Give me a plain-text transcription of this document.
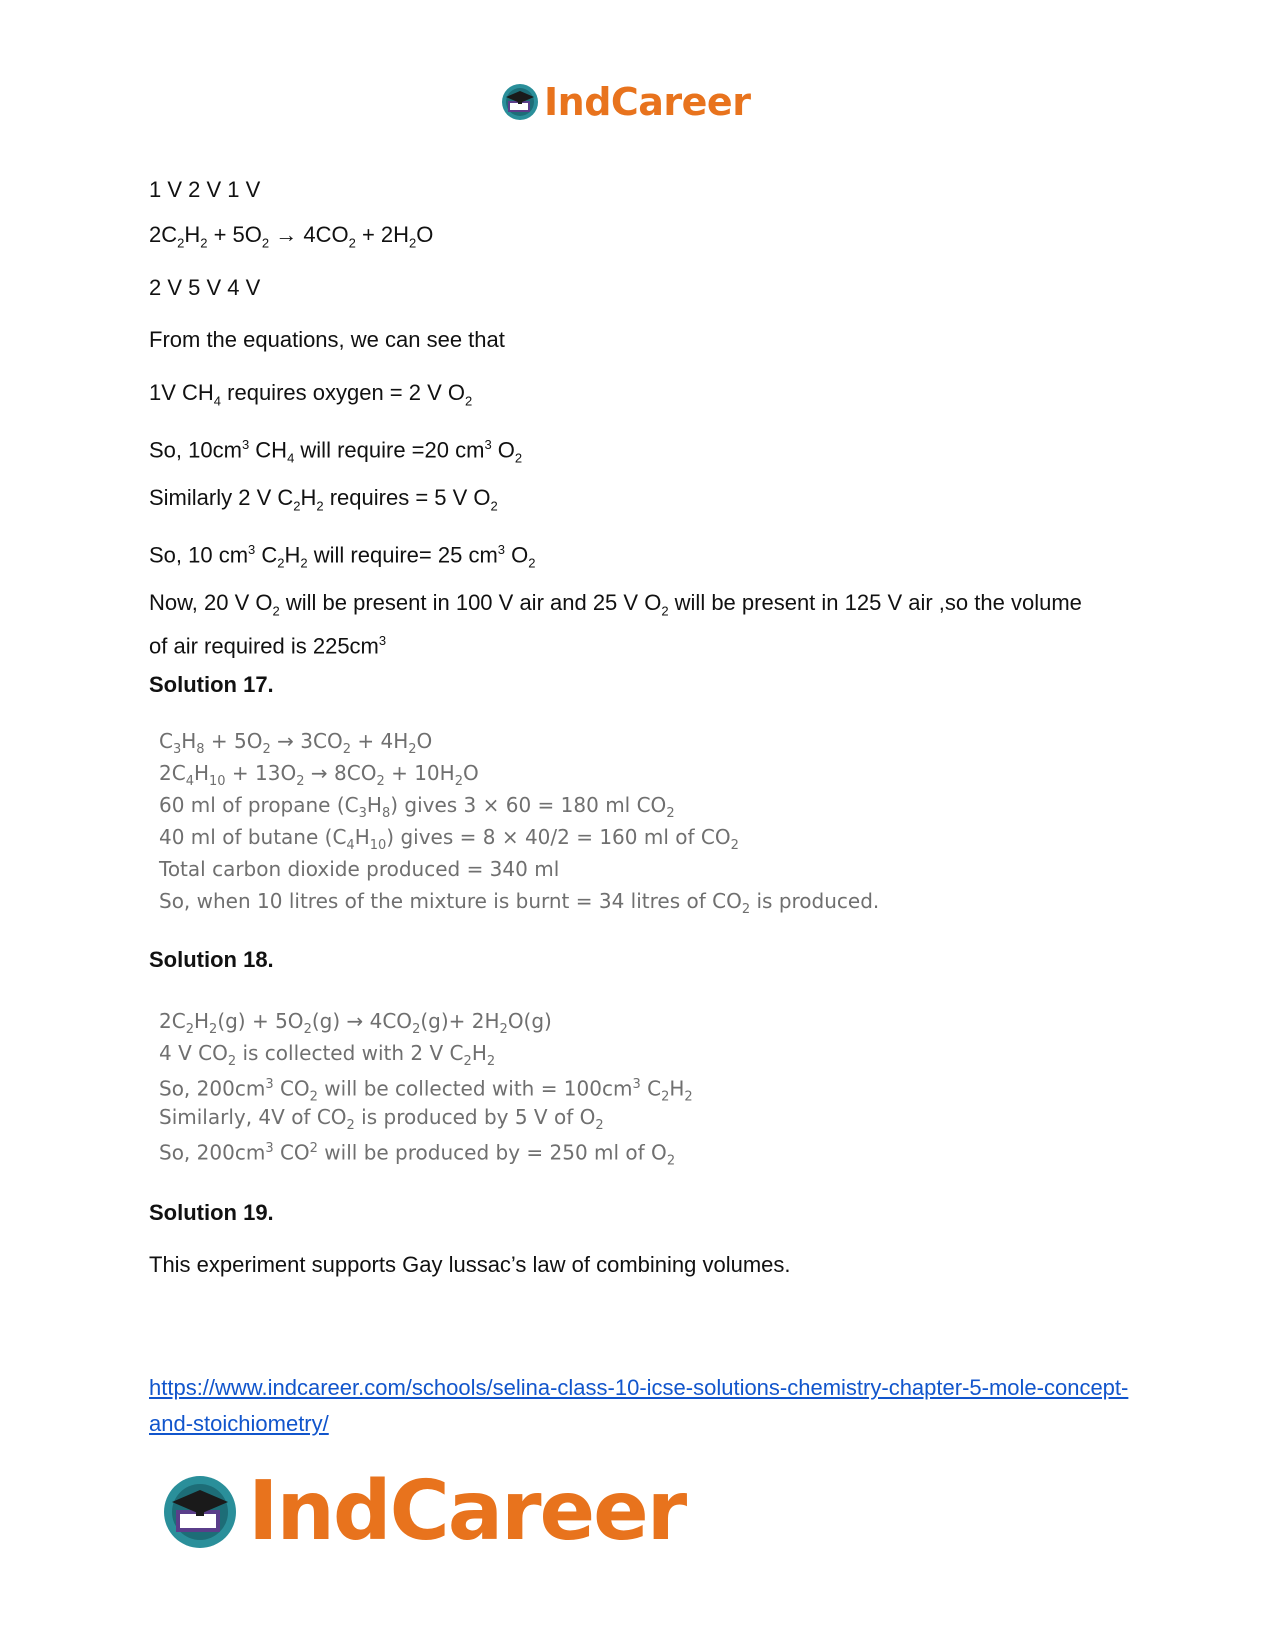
IndCareer

1 V 2 V 1 V

$2C_2H_2 + 5O_2 \to 4CO_2 + 2H_2O$

2 V 5 V 4 V

From the equations, we can see that

1V $CH_4$ requires oxygen = 2 V $O_2$

So, $10cm^3$ $CH_4$ will require =20 $cm^3$ $O_2$

Similarly 2 V $C_2H_2$ requires = 5 V $O_2$

So, 10 $cm^3$ $C_2H_2$ will require= 25 $cm^3$ $O_2$

Now, 20 V $O_2$ will be present in 100 V air and 25 V $O_2$ will be present in 125 V air ,so the volume
of air required is $225cm^3$

Solution 17.

$C_3H_8 + 5O_2 \to 3CO_2 + 4H_2O$
$2C_4H_{10} + 13O_2 \to 8CO_2 + 10H_2O$
60 ml of propane $(C_3H_8)$ gives 3 × 60 = 180 ml $CO_2$
40 ml of butane $(C_4H_{10})$ gives = 8 × 40/2 = 160 ml of $CO_2$
Total carbon dioxide produced = 340 ml
So, when 10 litres of the mixture is burnt = 34 litres of $CO_2$ is produced.

Solution 18.

$2C_2H_2(g) + 5O_2(g) \to 4CO_2(g)+ 2H_2O(g)$
4 V $CO_2$ is collected with 2 V $C_2H_2$
So, $200cm^3$ $CO_2$ will be collected with = $100cm^3$ $C_2H_2$
Similarly, 4V of $CO_2$ is produced by 5 V of $O_2$
So, $200cm^3$ $CO^2$ will be produced by = 250 ml of $O_2$

Solution 19.

This experiment supports Gay lussac’s law of combining volumes.

https://www.indcareer.com/schools/selina-class-10-icse-solutions-chemistry-chapter-5-mole-concept-and-stoichiometry/
IndCareer
